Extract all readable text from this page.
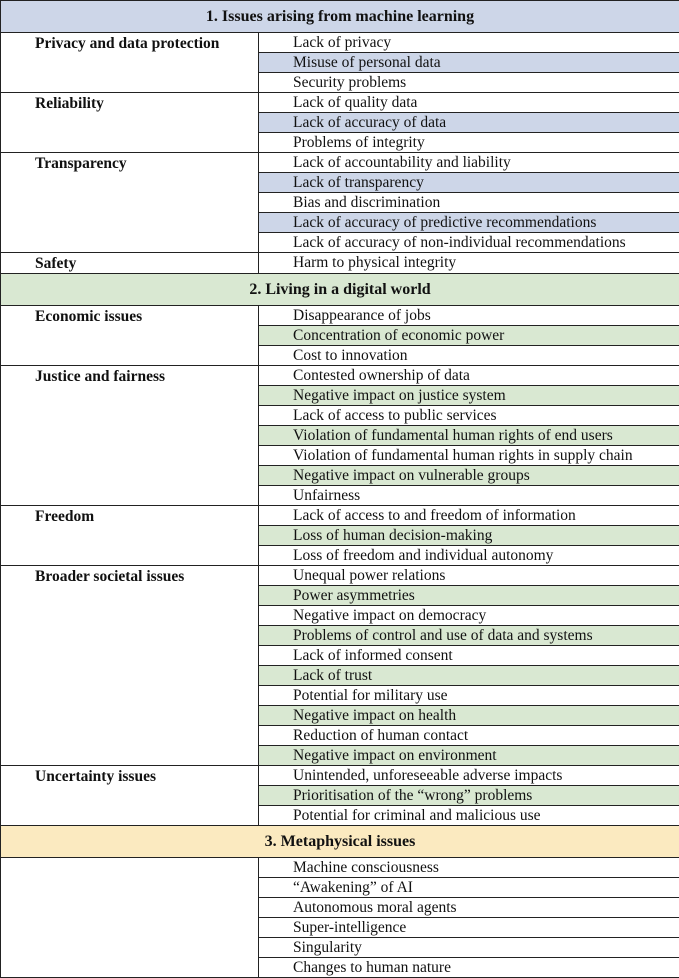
1. Issues arising from machine learning	
Privacy and data protection	Lack of privacy
	Misuse of personal data
	Security problems
Reliability	Lack of quality data
	Lack of accuracy of data
	Problems of integrity
Transparency	Lack of accountability and liability
	Lack of transparency
	Bias and discrimination
	Lack of accuracy of predictive recommendations
	Lack of accuracy of non-individual recommendations
Safety	Harm to physical integrity
2. Living in a digital world	
Economic issues	Disappearance of jobs
	Concentration of economic power
	Cost to innovation
Justice and fairness	Contested ownership of data
	Negative impact on justice system
	Lack of access to public services
	Violation of fundamental human rights of end users
	Violation of fundamental human rights in supply chain
	Negative impact on vulnerable groups
	Unfairness
Freedom	Lack of access to and freedom of information
	Loss of human decision-making
	Loss of freedom and individual autonomy
Broader societal issues	Unequal power relations
	Power asymmetries
	Negative impact on democracy
	Problems of control and use of data and systems
	Lack of informed consent
	Lack of trust
	Potential for military use
	Negative impact on health
	Reduction of human contact
	Negative impact on environment
Uncertainty issues	Unintended, unforeseeable adverse impacts
	Prioritisation of the “wrong” problems
	Potential for criminal and malicious use
3. Metaphysical issues	
	Machine consciousness
	“Awakening” of AI
	Autonomous moral agents
	Super-intelligence
	Singularity
	Changes to human nature
